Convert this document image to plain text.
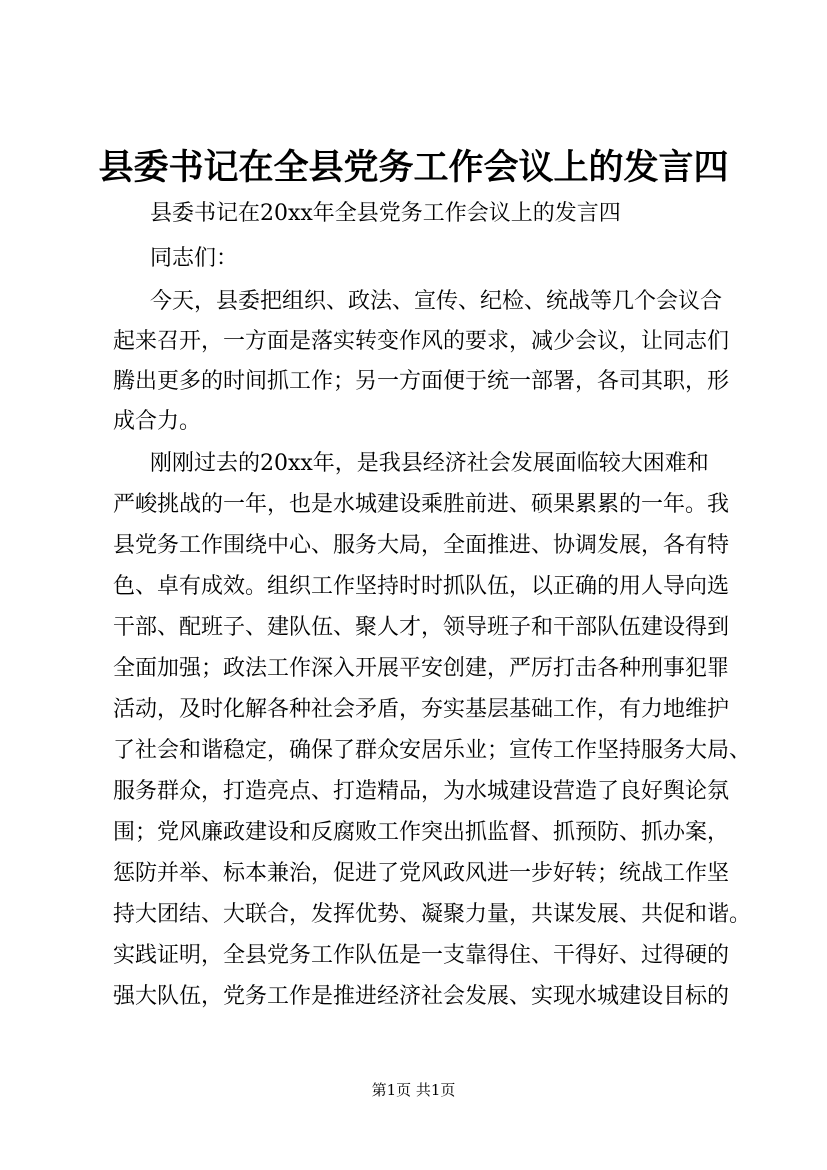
县委书记在全县党务工作会议上的发言四
县委书记在20xx年全县党务工作会议上的发言四
同志们：
今天，县委把组织、政法、宣传、纪检、统战等几个会议合
起来召开，一方面是落实转变作风的要求，减少会议，让同志们
腾出更多的时间抓工作；另一方面便于统一部署，各司其职，形
成合力。
刚刚过去的20xx年，是我县经济社会发展面临较大困难和
严峻挑战的一年，也是水城建设乘胜前进、硕果累累的一年。我
县党务工作围绕中心、服务大局，全面推进、协调发展，各有特
色、卓有成效。组织工作坚持时时抓队伍，以正确的用人导向选
干部、配班子、建队伍、聚人才，领导班子和干部队伍建设得到
全面加强；政法工作深入开展平安创建，严厉打击各种刑事犯罪
活动，及时化解各种社会矛盾，夯实基层基础工作，有力地维护
了社会和谐稳定，确保了群众安居乐业；宣传工作坚持服务大局、
服务群众，打造亮点、打造精品，为水城建设营造了良好舆论氛
围；党风廉政建设和反腐败工作突出抓监督、抓预防、抓办案，
惩防并举、标本兼治，促进了党风政风进一步好转；统战工作坚
持大团结、大联合，发挥优势、凝聚力量，共谋发展、共促和谐。
实践证明，全县党务工作队伍是一支靠得住、干得好、过得硬的
强大队伍，党务工作是推进经济社会发展、实现水城建设目标的
第1页 共1页
